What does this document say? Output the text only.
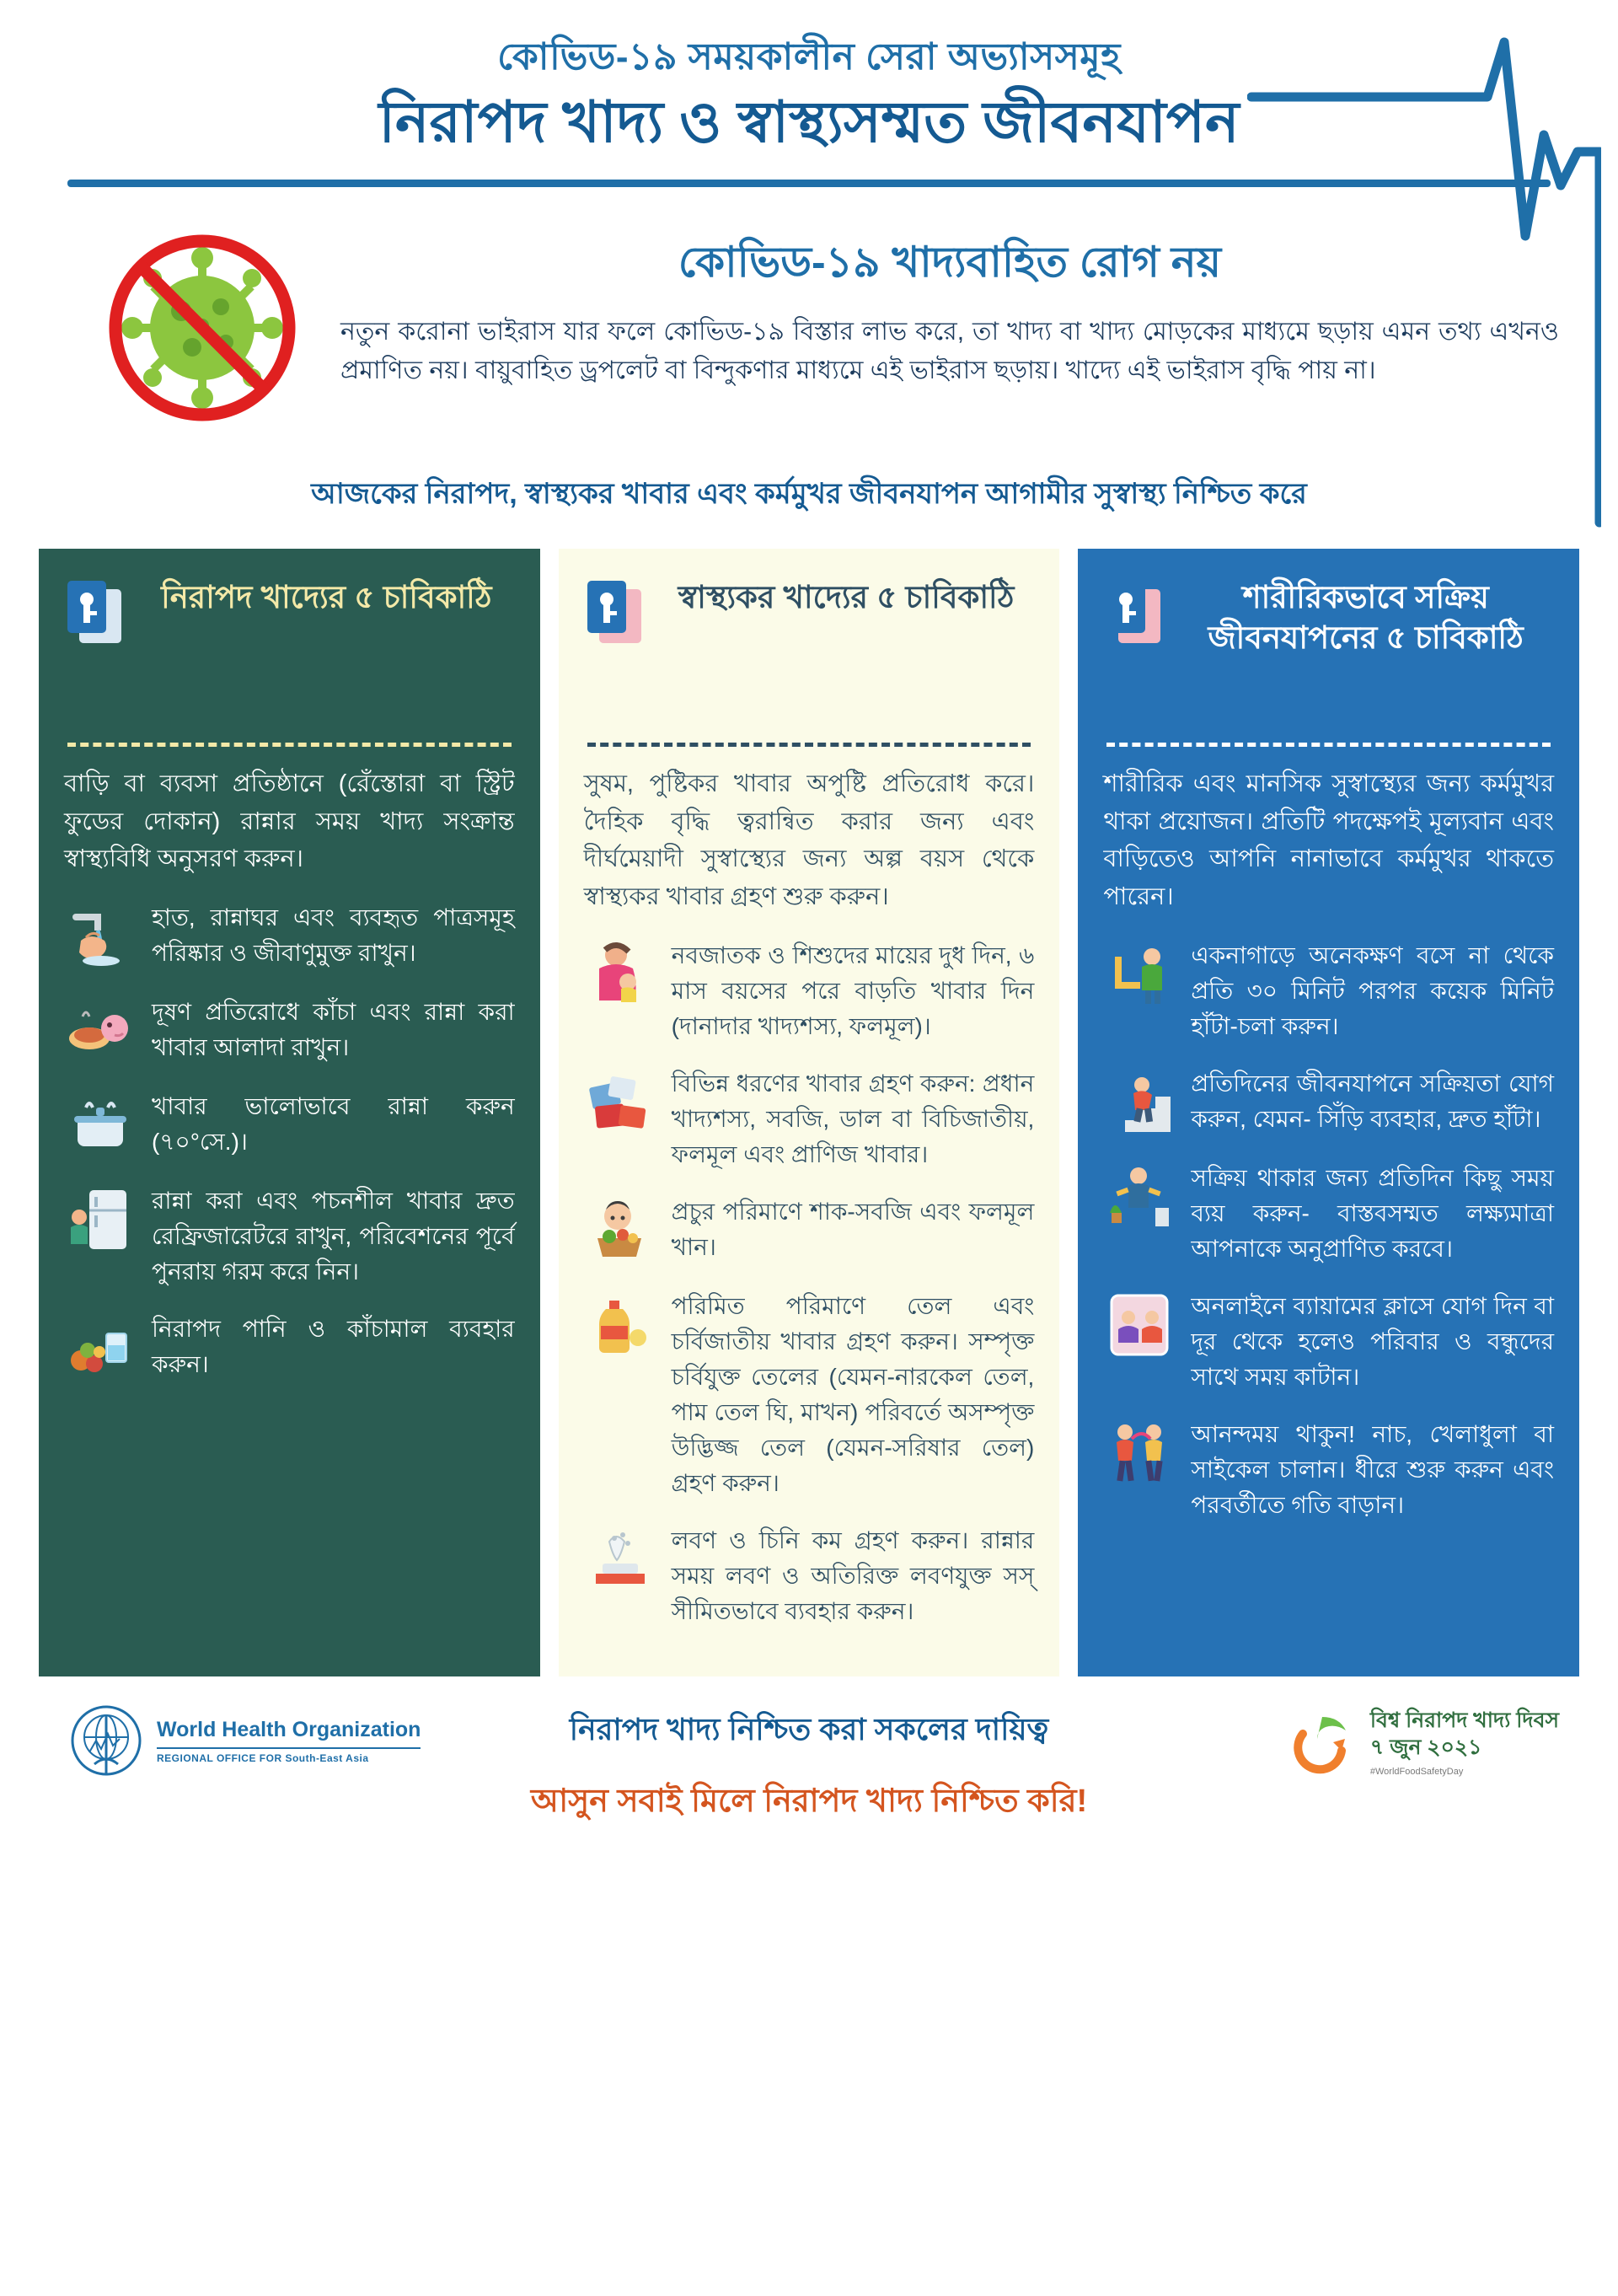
কোভিড-১৯ সময়কালীন সেরা অভ্যাসসমূহ
নিরাপদ খাদ্য ও স্বাস্থ্যসম্মত জীবনযাপন
কোভিড-১৯ খাদ্যবাহিত রোগ নয়
নতুন করোনা ভাইরাস যার ফলে কোভিড-১৯ বিস্তার লাভ করে, তা খাদ্য বা খাদ্য মোড়কের মাধ্যমে ছড়ায় এমন তথ্য এখনও প্রমাণিত নয়। বায়ুবাহিত ড্রপলেট বা বিন্দুকণার মাধ্যমে এই ভাইরাস ছড়ায়। খাদ্যে এই ভাইরাস বৃদ্ধি পায় না।
আজকের নিরাপদ, স্বাস্থ্যকর খাবার এবং কর্মমুখর জীবনযাপন আগামীর সুস্বাস্থ্য নিশ্চিত করে
নিরাপদ খাদ্যের ৫ চাবিকাঠি
বাড়ি বা ব্যবসা প্রতিষ্ঠানে (রেঁস্তোরা বা স্ট্রিট ফুডের দোকান) রান্নার সময় খাদ্য সংক্রান্ত স্বাস্থ্যবিধি অনুসরণ করুন।
হাত, রান্নাঘর এবং ব্যবহৃত পাত্রসমূহ পরিষ্কার ও জীবাণুমুক্ত রাখুন।
দূষণ প্রতিরোধে কাঁচা এবং রান্না করা খাবার আলাদা রাখুন।
খাবার ভালোভাবে রান্না করুন (৭০°সে.)।
রান্না করা এবং পচনশীল খাবার দ্রুত রেফ্রিজারেটরে রাখুন, পরিবেশনের পূর্বে পুনরায় গরম করে নিন।
নিরাপদ পানি ও কাঁচামাল ব্যবহার করুন।
স্বাস্থ্যকর খাদ্যের ৫ চাবিকাঠি
সুষম, পুষ্টিকর খাবার অপুষ্টি প্রতিরোধ করে। দৈহিক বৃদ্ধি ত্বরান্বিত করার জন্য এবং দীর্ঘমেয়াদী সুস্বাস্থ্যের জন্য অল্প বয়স থেকে স্বাস্থ্যকর খাবার গ্রহণ শুরু করুন।
নবজাতক ও শিশুদের মায়ের দুধ দিন, ৬ মাস বয়সের পরে বাড়তি খাবার দিন (দানাদার খাদ্যশস্য, ফলমূল)।
বিভিন্ন ধরণের খাবার গ্রহণ করুন: প্রধান খাদ্যশস্য, সবজি, ডাল বা বিচিজাতীয়, ফলমূল এবং প্রাণিজ খাবার।
প্রচুর পরিমাণে শাক-সবজি এবং ফলমূল খান।
পরিমিত পরিমাণে তেল এবং চর্বিজাতীয় খাবার গ্রহণ করুন। সম্পৃক্ত চর্বিযুক্ত তেলের (যেমন-নারকেল তেল, পাম তেল ঘি, মাখন) পরিবর্তে অসম্পৃক্ত উদ্ভিজ্জ তেল (যেমন-সরিষার তেল) গ্রহণ করুন।
লবণ ও চিনি কম গ্রহণ করুন। রান্নার সময় লবণ ও অতিরিক্ত লবণযুক্ত সস্ সীমিতভাবে ব্যবহার করুন।
শারীরিকভাবে সক্রিয় জীবনযাপনের ৫ চাবিকাঠি
শারীরিক এবং মানসিক সুস্বাস্থ্যের জন্য কর্মমুখর থাকা প্রয়োজন। প্রতিটি পদক্ষেপই মূল্যবান এবং বাড়িতেও আপনি নানাভাবে কর্মমুখর থাকতে পারেন।
একনাগাড়ে অনেকক্ষণ বসে না থেকে প্রতি ৩০ মিনিট পরপর কয়েক মিনিট হাঁটা-চলা করুন।
প্রতিদিনের জীবনযাপনে সক্রিয়তা যোগ করুন, যেমন- সিঁড়ি ব্যবহার, দ্রুত হাঁটা।
সক্রিয় থাকার জন্য প্রতিদিন কিছু সময় ব্যয় করুন- বাস্তবসম্মত লক্ষ্যমাত্রা আপনাকে অনুপ্রাণিত করবে।
অনলাইনে ব্যায়ামের ক্লাসে যোগ দিন বা দূর থেকে হলেও পরিবার ও বন্ধুদের সাথে সময় কাটান।
আনন্দময় থাকুন! নাচ, খেলাধুলা বা সাইকেল চালান। ধীরে শুরু করুন এবং পরবর্তীতে গতি বাড়ান।
নিরাপদ খাদ্য নিশ্চিত করা সকলের দায়িত্ব
আসুন সবাই মিলে নিরাপদ খাদ্য নিশ্চিত করি!
World Health Organization
REGIONAL OFFICE FOR South-East Asia
বিশ্ব নিরাপদ খাদ্য দিবস
৭ জুন ২০২১
#WorldFoodSafetyDay
